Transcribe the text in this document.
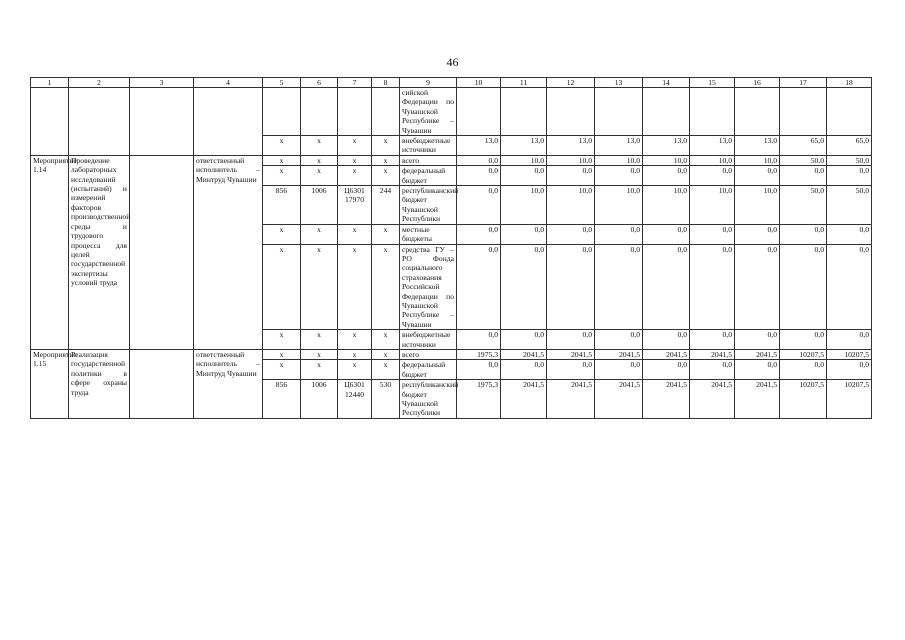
46
1	2	3	4	5	6	7	8	9	10	11	12	13	14	15	16	17	18
								сийской Федерации по Чувашской Республике – Чувашии									
				x	x	x	x	внебюджетные источники	13,0	13,0	13,0	13,0	13,0	13,0	13,0	65,0	65,0
Мероприятие 1.14	Проведение лабораторных исследований (испытаний) и измерений факторов производственной среды и трудового процесса для целей государственной экспертизы условий труда		ответственный исполнитель – Минтруд Чувашии	x	x	x	x	всего	0,0	10,0	10,0	10,0	10,0	10,0	10,0	50,0	50,0
				x	x	x	x	федеральный бюджет	0,0	0,0	0,0	0,0	0,0	0,0	0,0	0,0	0,0
				856	1006	Ц6301 17970	244	республиканский бюджет Чувашской Республики	0,0	10,0	10,0	10,0	10,0	10,0	10,0	50,0	50,0
				x	x	x	x	местные бюджеты	0,0	0,0	0,0	0,0	0,0	0,0	0,0	0,0	0,0
				x	x	x	x	средства ГУ – РО Фонда социального страхования Российской Федерации по Чувашской Республике – Чувашии	0,0	0,0	0,0	0,0	0,0	0,0	0,0	0,0	0,0
				x	x	x	x	внебюджетные источники	0,0	0,0	0,0	0,0	0,0	0,0	0,0	0,0	0,0
Мероприятие 1.15	Реализация государственной политики в сфере охраны труда		ответственный исполнитель – Минтруд Чувашии	x	x	x	x	всего	1975,3	2041,5	2041,5	2041,5	2041,5	2041,5	2041,5	10207,5	10207,5
				x	x	x	x	федеральный бюджет	0,0	0,0	0,0	0,0	0,0	0,0	0,0	0,0	0,0
				856	1006	Ц6301 12440	530	республиканский бюджет Чувашской Республики	1975,3	2041,5	2041,5	2041,5	2041,5	2041,5	2041,5	10207,5	10207,5
